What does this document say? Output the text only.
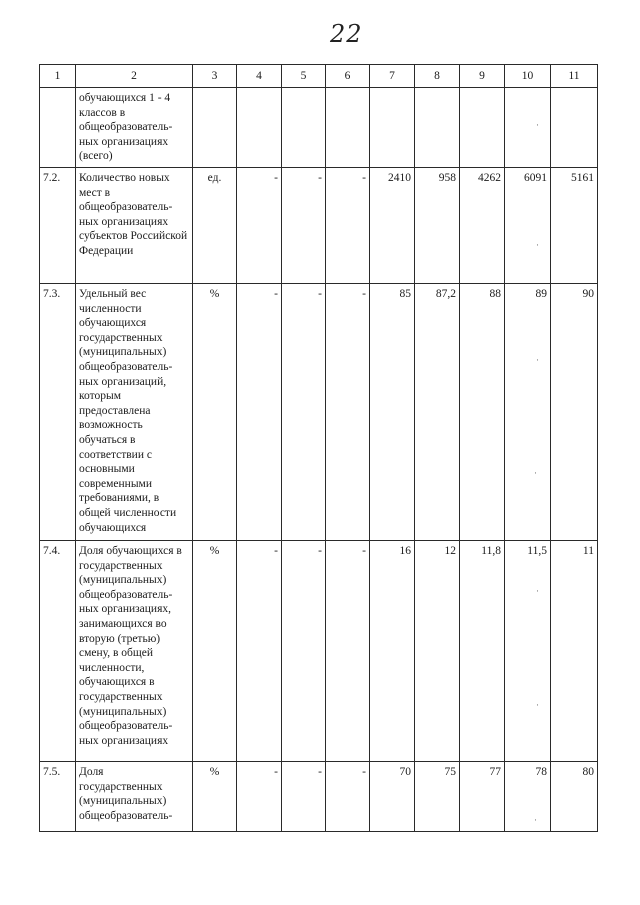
22
1	2	3	4	5	6	7	8	9	10	11
	обучающихся 1 - 4 классов в общеобразователь-ных организациях (всего)									
7.2.	Количество новых мест в общеобразователь-ных организациях субъектов Российской Федерации	ед.	-	-	-	2410	958	4262	6091	5161
7.3.	Удельный вес численности обучающихся государственных (муниципальных) общеобразователь-ных организаций, которым предоставлена возможность обучаться в соответствии с основными современными требованиями, в общей численности обучающихся	%	-	-	-	85	87,2	88	89	90
7.4.	Доля обучающихся в государственных (муниципальных) общеобразователь-ных организациях, занимающихся во вторую (третью) смену, в общей численности, обучающихся в государственных (муниципальных) общеобразователь-ных организациях	%	-	-	-	16	12	11,8	11,5	11
7.5.	Доля государственных (муниципальных) общеобразователь-	%	-	-	-	70	75	77	78	80
·
·
·
·
·
·
·
